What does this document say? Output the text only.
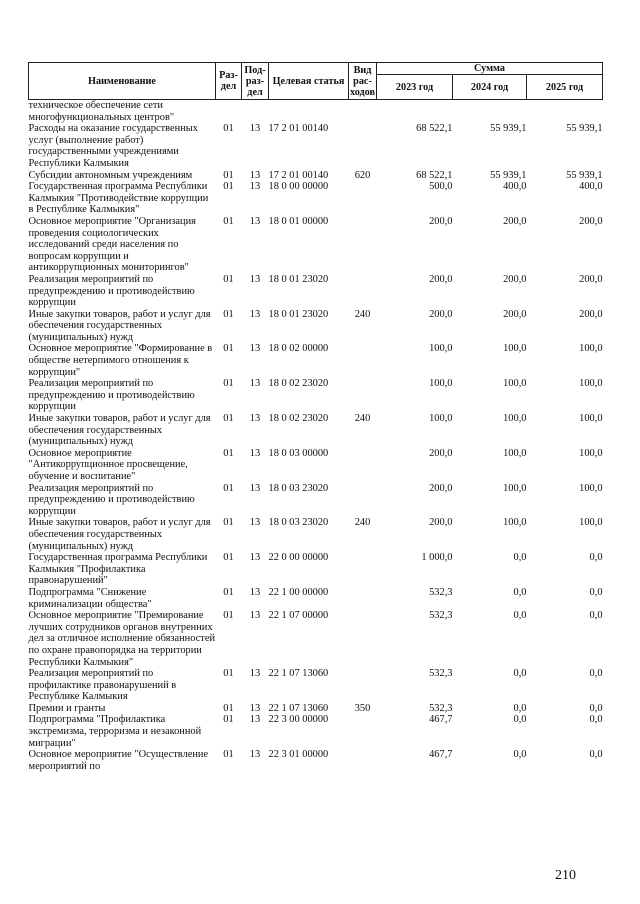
Наименование	Раз-дел	Под-раз-дел	Целевая статья	Вид рас-ходов	Сумма		
					2023 год	2024 год	2025 год
техническое обеспечение сети многофункциональных центров"							
Расходы на оказание государственных услуг (выполнение работ) государственными учреждениями Республики Калмыкия	01	13	17 2 01 00140		68 522,1	55 939,1	55 939,1
Субсидии автономным учреждениям	01	13	17 2 01 00140	620	68 522,1	55 939,1	55 939,1
Государственная программа Республики Калмыкия "Противодействие коррупции в Республике Калмыкия"	01	13	18 0 00 00000		500,0	400,0	400,0
Основное мероприятие "Организация проведения социологических исследований среди населения по вопросам коррупции и антикоррупционных мониторингов"	01	13	18 0 01 00000		200,0	200,0	200,0
Реализация мероприятий по предупреждению и противодействию коррупции	01	13	18 0 01 23020		200,0	200,0	200,0
Иные закупки товаров, работ и услуг для обеспечения государственных (муниципальных) нужд	01	13	18 0 01 23020	240	200,0	200,0	200,0
Основное мероприятие "Формирование в обществе нетерпимого отношения к коррупции"	01	13	18 0 02 00000		100,0	100,0	100,0
Реализация мероприятий по предупреждению и противодействию коррупции	01	13	18 0 02 23020		100,0	100,0	100,0
Иные закупки товаров, работ и услуг для обеспечения государственных (муниципальных) нужд	01	13	18 0 02 23020	240	100,0	100,0	100,0
Основное мероприятие "Антикоррупционное просвещение, обучение и воспитание"	01	13	18 0 03 00000		200,0	100,0	100,0
Реализация мероприятий по предупреждению и противодействию коррупции	01	13	18 0 03 23020		200,0	100,0	100,0
Иные закупки товаров, работ и услуг для обеспечения государственных (муниципальных) нужд	01	13	18 0 03 23020	240	200,0	100,0	100,0
Государственная программа Республики Калмыкия "Профилактика правонарушений"	01	13	22 0 00 00000		1 000,0	0,0	0,0
Подпрограмма "Снижение криминализации общества"	01	13	22 1 00 00000		532,3	0,0	0,0
Основное мероприятие "Премирование лучших сотрудников органов внутренних дел за отличное исполнение обязанностей по охране правопорядка на территории Республики Калмыкия"	01	13	22 1 07 00000		532,3	0,0	0,0
Реализация мероприятий по профилактике правонарушений в Республике Калмыкия	01	13	22 1 07 13060		532,3	0,0	0,0
Премии и гранты	01	13	22 1 07 13060	350	532,3	0,0	0,0
Подпрограмма "Профилактика экстремизма, терроризма и незаконной миграции"	01	13	22 3 00 00000		467,7	0,0	0,0
Основное мероприятие "Осуществление мероприятий по	01	13	22 3 01 00000		467,7	0,0	0,0
210
